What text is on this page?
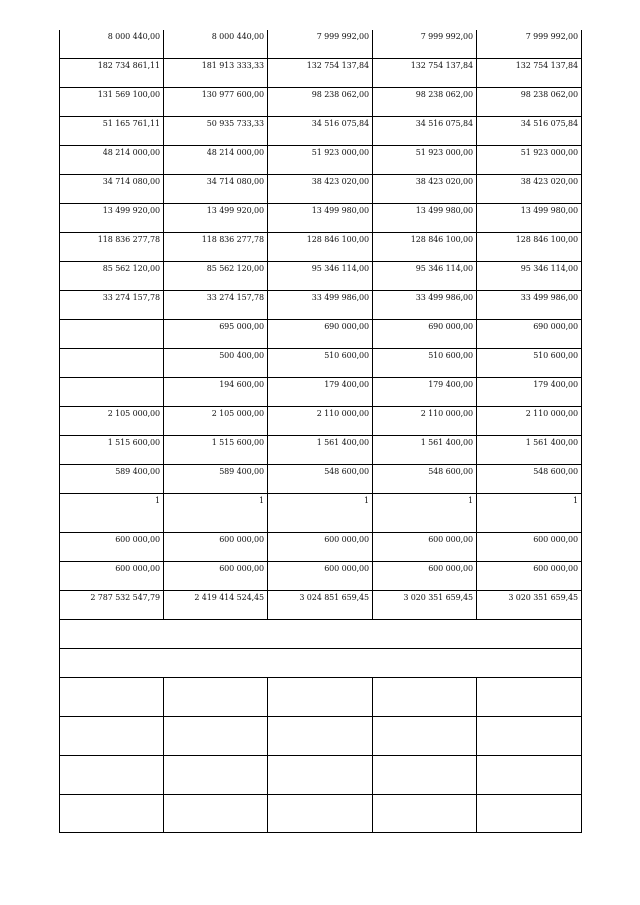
8 000 440,00	8 000 440,00	7 999 992,00	7 999 992,00	7 999 992,00
182 734 861,11	181 913 333,33	132 754 137,84	132 754 137,84	132 754 137,84
131 569 100,00	130 977 600,00	98 238 062,00	98 238 062,00	98 238 062,00
51 165 761,11	50 935 733,33	34 516 075,84	34 516 075,84	34 516 075,84
48 214 000,00	48 214 000,00	51 923 000,00	51 923 000,00	51 923 000,00
34 714 080,00	34 714 080,00	38 423 020,00	38 423 020,00	38 423 020,00
13 499 920,00	13 499 920,00	13 499 980,00	13 499 980,00	13 499 980,00
118 836 277,78	118 836 277,78	128 846 100,00	128 846 100,00	128 846 100,00
85 562 120,00	85 562 120,00	95 346 114,00	95 346 114,00	95 346 114,00
33 274 157,78	33 274 157,78	33 499 986,00	33 499 986,00	33 499 986,00
	695 000,00	690 000,00	690 000,00	690 000,00
	500 400,00	510 600,00	510 600,00	510 600,00
	194 600,00	179 400,00	179 400,00	179 400,00
2 105 000,00	2 105 000,00	2 110 000,00	2 110 000,00	2 110 000,00
1 515 600,00	1 515 600,00	1 561 400,00	1 561 400,00	1 561 400,00
589 400,00	589 400,00	548 600,00	548 600,00	548 600,00
1	1	1	1	1
600 000,00	600 000,00	600 000,00	600 000,00	600 000,00
600 000,00	600 000,00	600 000,00	600 000,00	600 000,00
2 787 532 547,79	2 419 414 524,45	3 024 851 659,45	3 020 351 659,45	3 020 351 659,45
